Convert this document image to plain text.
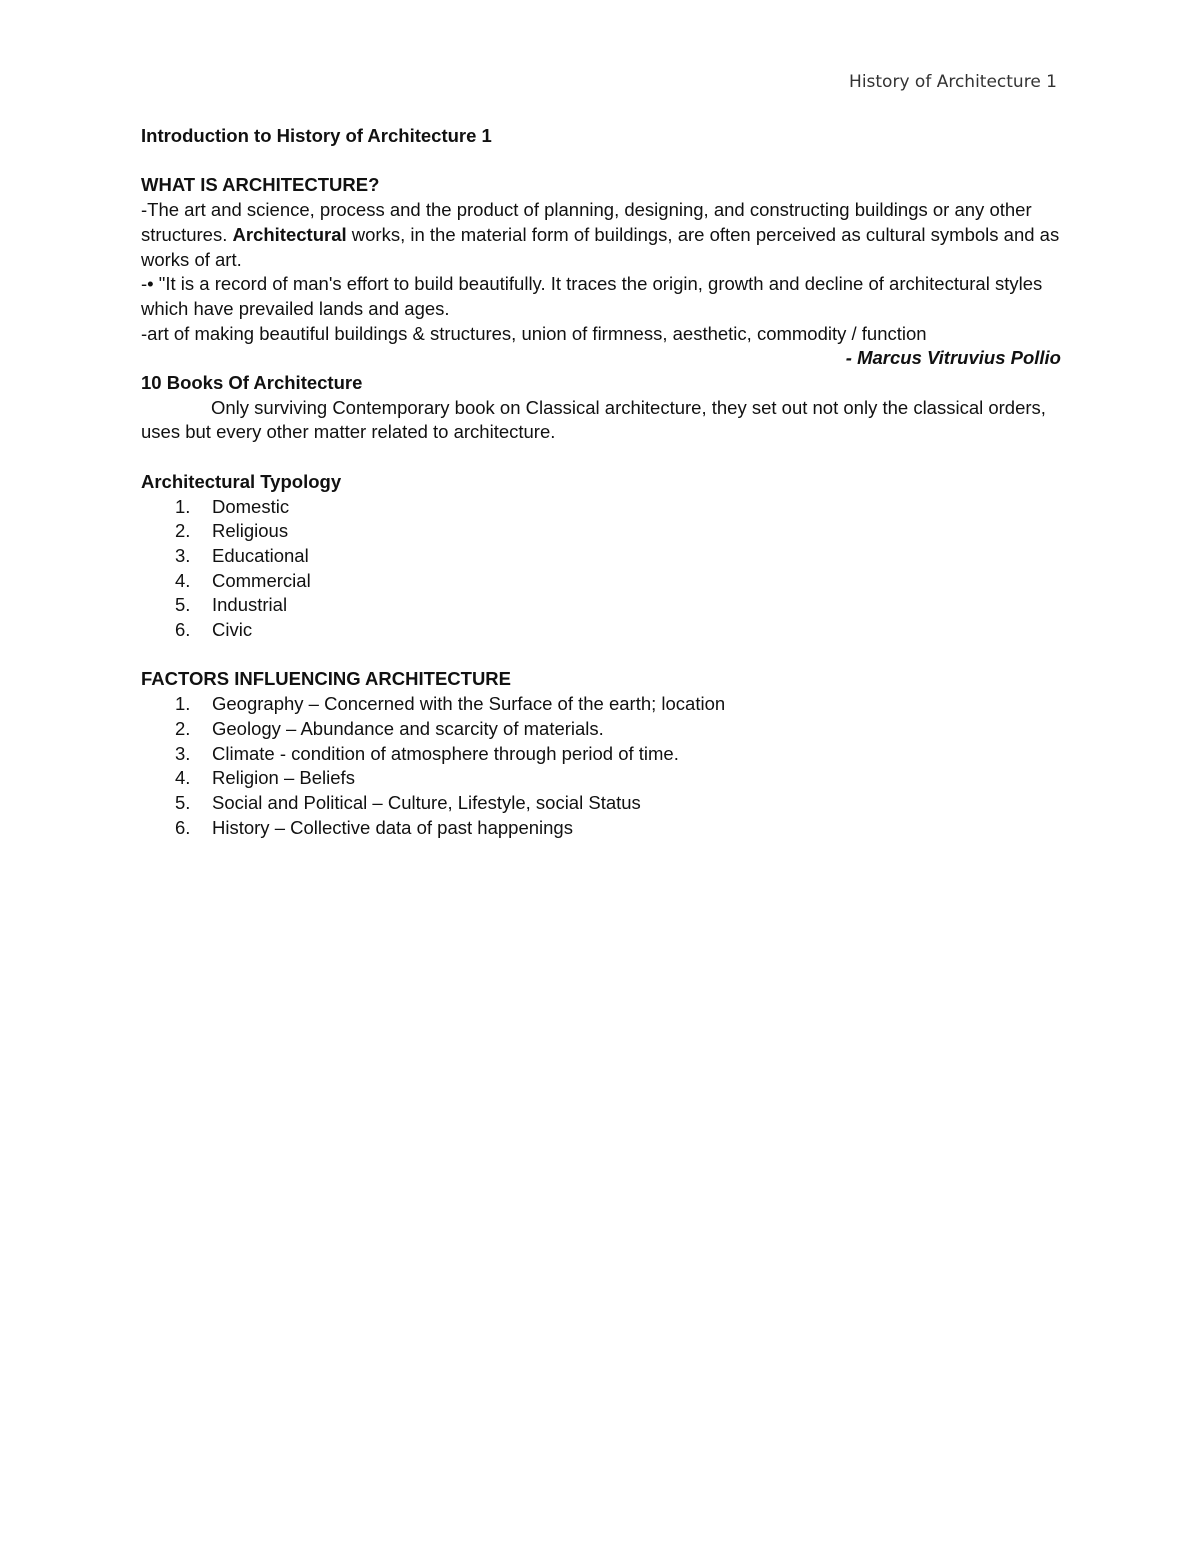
History of Architecture 1

Introduction to History of Architecture 1

WHAT IS ARCHITECTURE?

-The art and science, process and the product of planning, designing, and constructing buildings or any other structures. Architectural works, in the material form of buildings, are often perceived as cultural symbols and as works of art.

-• "It is a record of man's effort to build beautifully. It traces the origin, growth and decline of architectural styles which have prevailed lands and ages.

-art of making beautiful buildings & structures, union of firmness, aesthetic, commodity / function

- Marcus Vitruvius Pollio

10 Books Of Architecture

Only surviving Contemporary book on Classical architecture, they set out not only the classical orders, uses but every other matter related to architecture.

Architectural Typology

1.	Domestic
2.	Religious
3.	Educational
4.	Commercial
5.	Industrial
6.	Civic

FACTORS INFLUENCING ARCHITECTURE

1.	Geography – Concerned with the Surface of the earth; location
2.	Geology – Abundance and scarcity of materials.
3.	Climate - condition of atmosphere through period of time.
4.	Religion – Beliefs
5.	Social and Political – Culture, Lifestyle, social Status
6.	History – Collective data of past happenings
